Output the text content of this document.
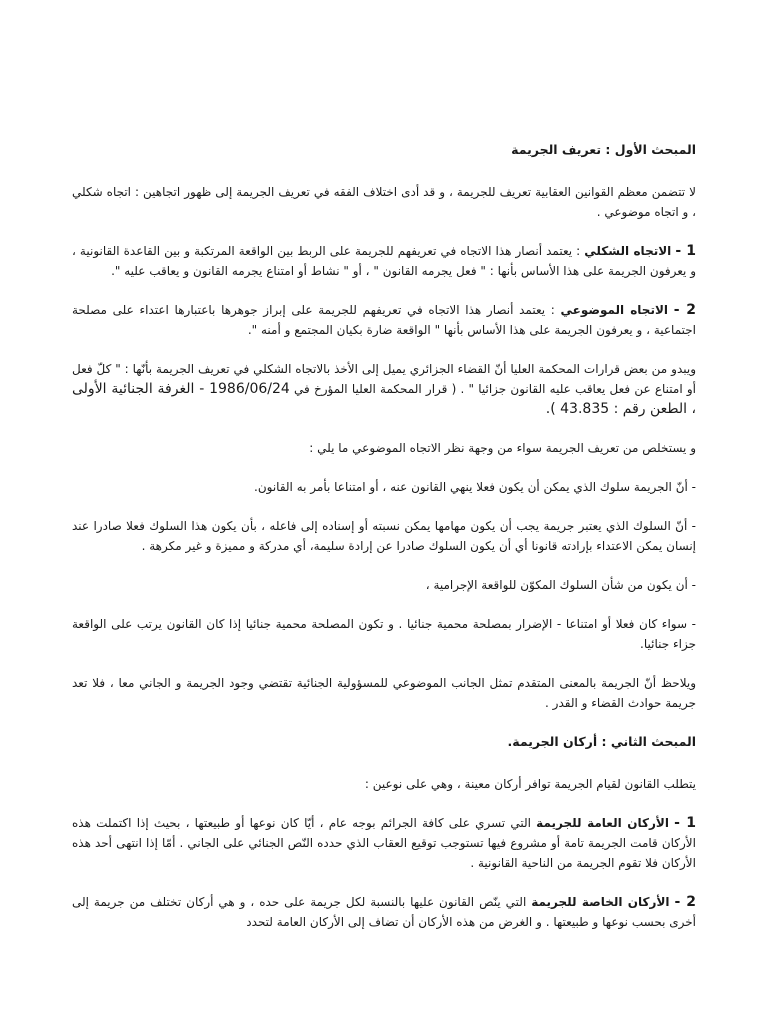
المبحث الأول : تعريف الجريمة

لا تتضمن معظم القوانين العقابية تعريف للجريمة ، و قد أدى اختلاف الفقه في تعريف الجريمة إلى ظهور اتجاهين : اتجاه شكلي ، و اتجاه موضوعي .

1 - الاتجاه الشكلي : يعتمد أنصار هذا الاتجاه في تعريفهم للجريمة على الربط بين الواقعة المرتكبة و بين القاعدة القانونية ، و يعرفون الجريمة على هذا الأساس بأنها : " فعل يجرمه القانون " ، أو " نشاط أو امتناع يجرمه القانون و يعاقب عليه ".

2 - الاتجاه الموضوعي : يعتمد أنصار هذا الاتجاه في تعريفهم للجريمة على إبراز جوهرها باعتبارها اعتداء على مصلحة اجتماعية ، و يعرفون الجريمة على هذا الأساس بأنها " الواقعة ضارة بكيان المجتمع و أمنه ".

ويبدو من بعض قرارات المحكمة العليا أنّ القضاء الجزائري يميل إلى الأخذ بالاتجاه الشكلي في تعريف الجريمة بأنّها : " كلّ فعل أو امتناع عن فعل يعاقب عليه القانون جزائيا " . ( قرار المحكمة العليا المؤرخ في 1986/06/24 - الغرفة الجنائية الأولى ، الطعن رقم : 43.835 ).

و يستخلص من تعريف الجريمة سواء من وجهة نظر الاتجاه الموضوعي ما يلي :

- أنّ الجريمة سلوك الذي يمكن أن يكون فعلا ينهي القانون عنه ، أو امتناعا بأمر به القانون.

- أنّ السلوك الذي يعتبر جريمة يجب أن يكون مهامها يمكن نسبته أو إسناده إلى فاعله ، بأن يكون هذا السلوك فعلا صادرا عند إنسان يمكن الاعتداء بإرادته قانونا أي أن يكون السلوك صادرا عن إرادة سليمة، أي مدركة و مميزة و غير مكرهة .

- أن يكون من شأن السلوك المكوّن للواقعة الإجرامية ،

- سواء كان فعلا أو امتناعا - الإضرار بمصلحة محمية جنائيا . و تكون المصلحة محمية جنائيا إذا كان القانون يرتب على الواقعة جزاء جنائيا.

ويلاحظ أنّ الجريمة بالمعنى المتقدم تمثل الجانب الموضوعي للمسؤولية الجنائية تقتضي وجود الجريمة و الجاني معا ، فلا تعد جريمة حوادث القضاء و القدر .

المبحث الثاني : أركان الجريمة.

يتطلب القانون لقيام الجريمة توافر أركان معينة ، وهي على نوعين :

1 - الأركان العامة للجريمة التي تسري على كافة الجرائم بوجه عام ، أيّا كان نوعها أو طبيعتها ، بحيث إذا اكتملت هذه الأركان قامت الجريمة تامة أو مشروع فيها تستوجب توقيع العقاب الذي حدده النّص الجنائي على الجاني . أمّا إذا انتهى أحد هذه الأركان فلا تقوم الجريمة من الناحية القانونية .

2 - الأركان الخاصة للجريمة التي ينّص القانون عليها بالنسبة لكل جريمة على حده ، و هي أركان تختلف من جريمة إلى أخرى بحسب نوعها و طبيعتها . و الغرض من هذه الأركان أن تضاف إلى الأركان العامة لتحدد
